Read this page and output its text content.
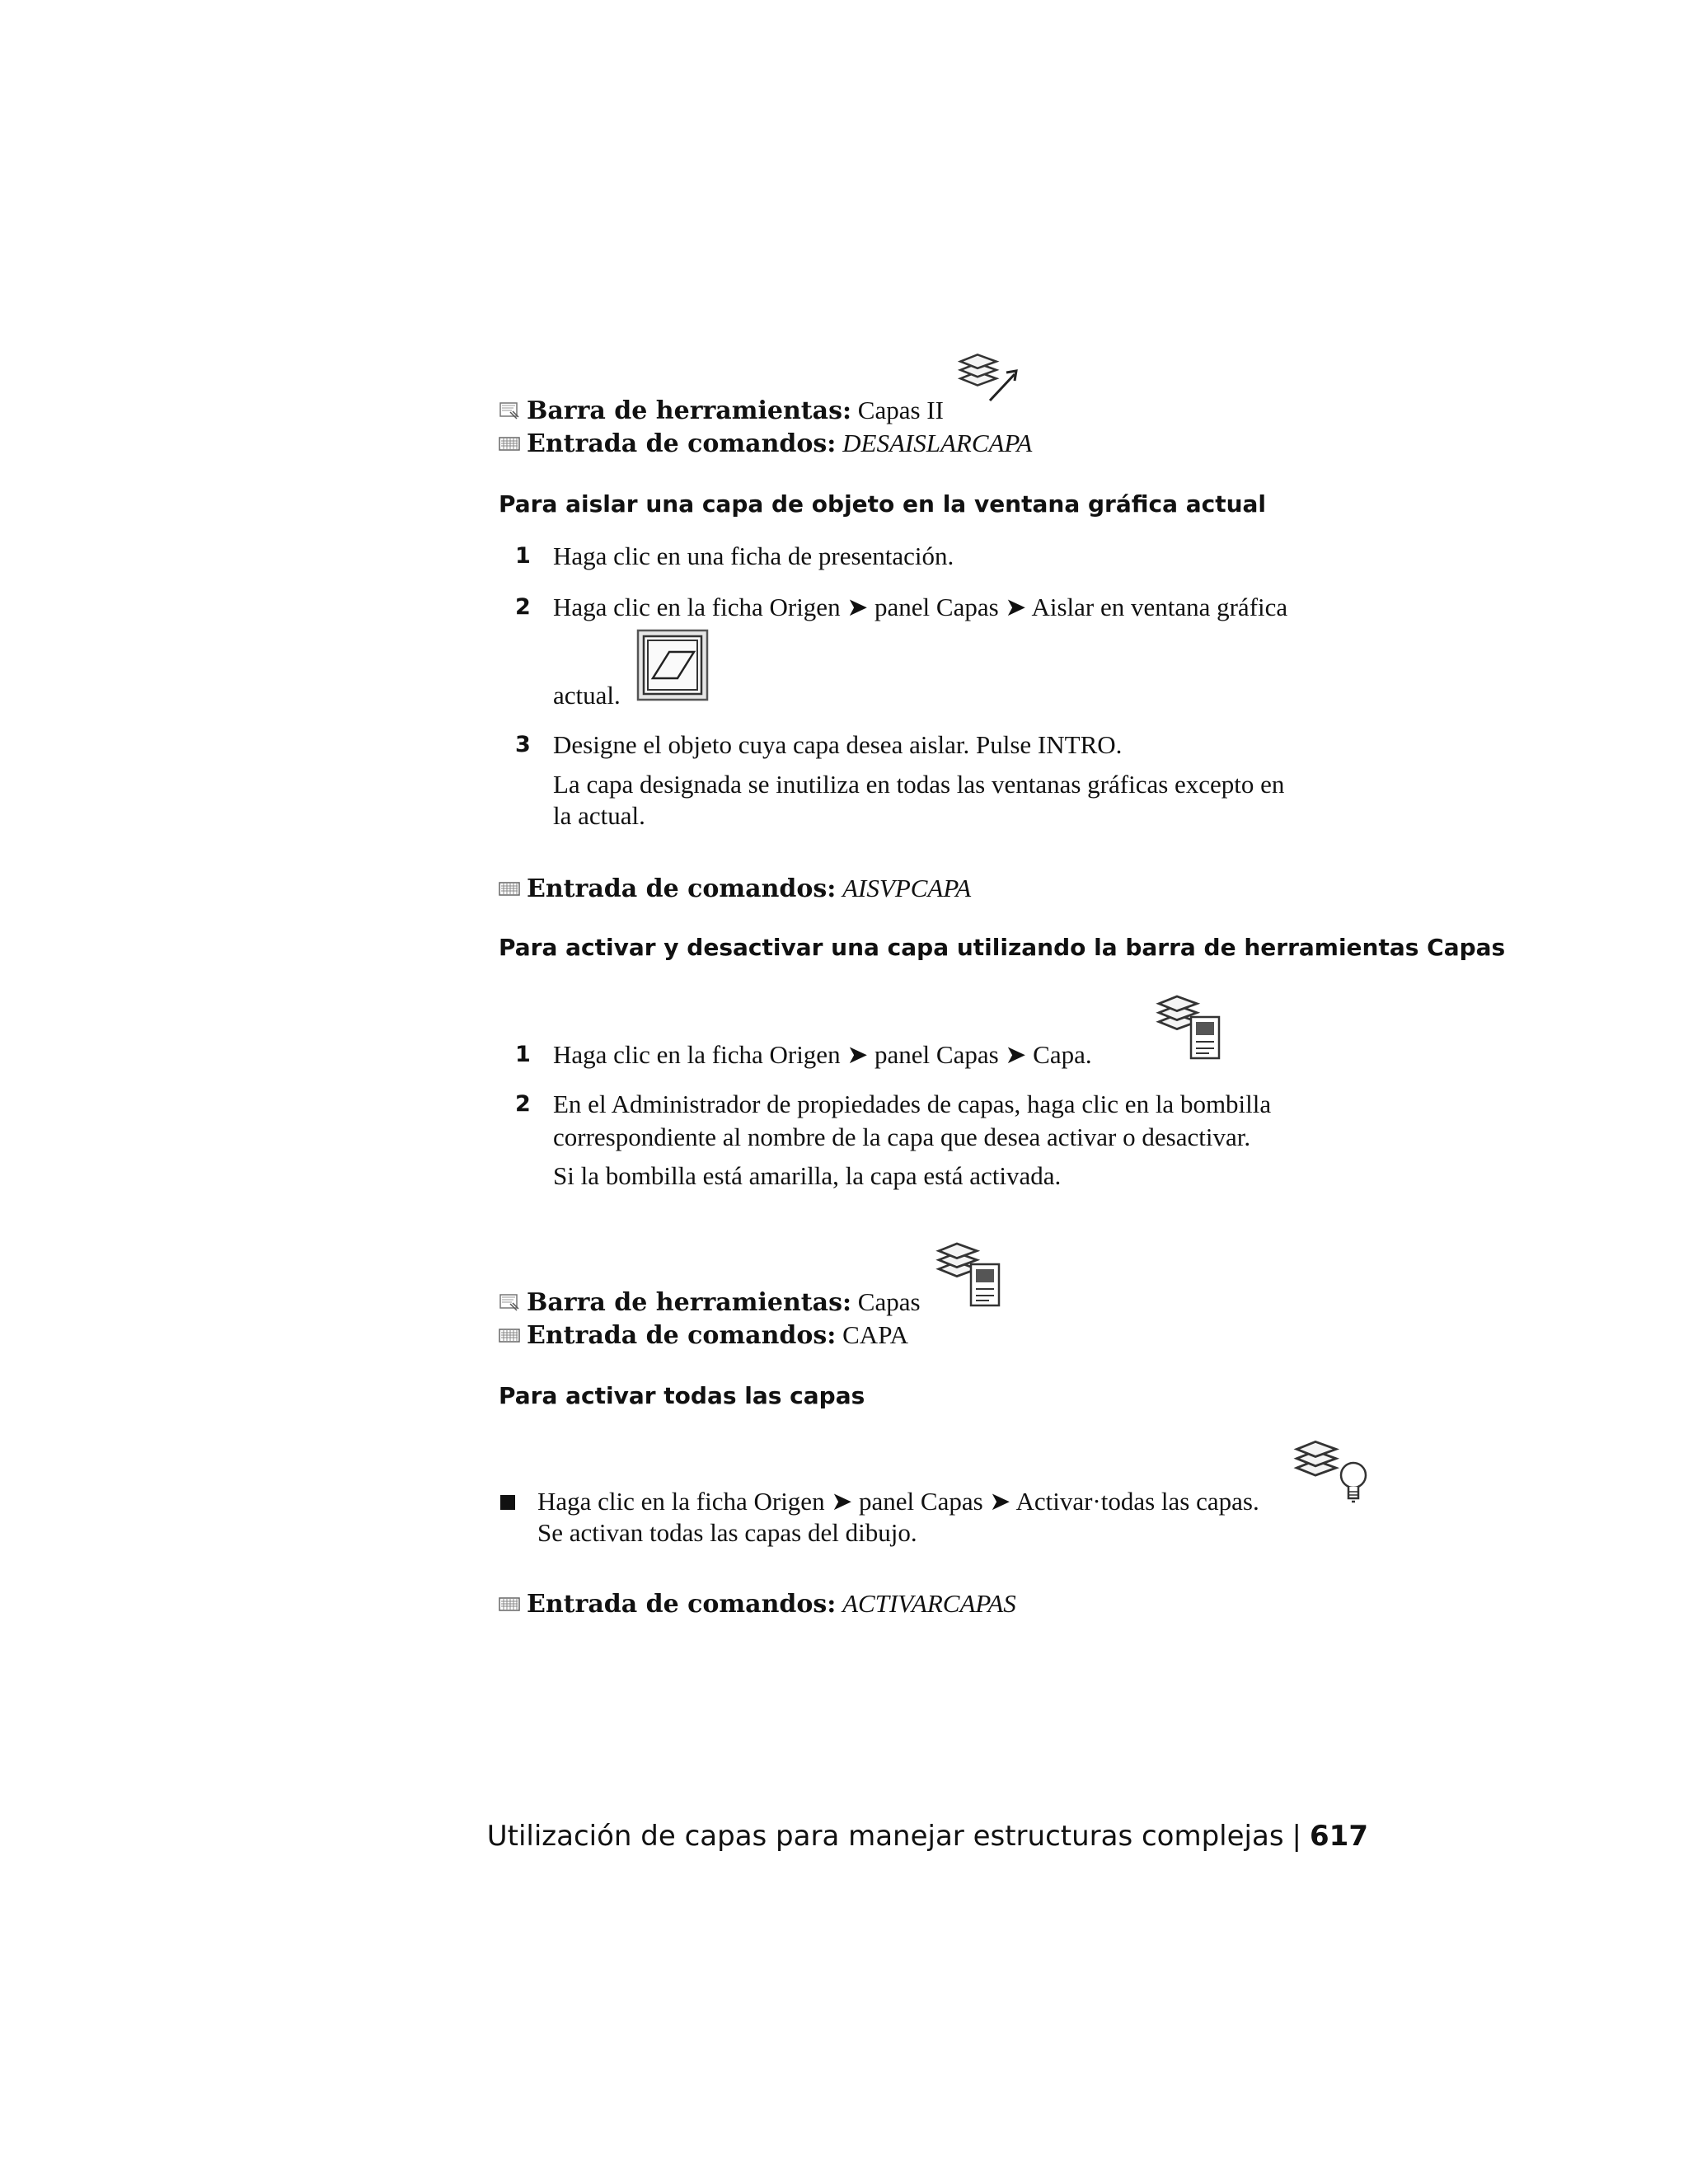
Barra de herramientas: Capas II
Entrada de comandos: DESAISLARCAPA
Para aislar una capa de objeto en la ventana gráfica actual
1 Haga clic en una ficha de presentación.
2 Haga clic en la ficha Origen ➤ panel Capas ➤ Aislar en ventana gráfica
actual.
3 Designe el objeto cuya capa desea aislar. Pulse INTRO.
La capa designada se inutiliza en todas las ventanas gráficas excepto en
la actual.
Entrada de comandos: AISVPCAPA
Para activar y desactivar una capa utilizando la barra de herramientas Capas
1 Haga clic en la ficha Origen ➤ panel Capas ➤ Capa.
2 En el Administrador de propiedades de capas, haga clic en la bombilla
correspondiente al nombre de la capa que desea activar o desactivar.
Si la bombilla está amarilla, la capa está activada.
Barra de herramientas: Capas
Entrada de comandos: CAPA
Para activar todas las capas
Haga clic en la ficha Origen ➤ panel Capas ➤ Activar·todas las capas.
Se activan todas las capas del dibujo.
Entrada de comandos: ACTIVARCAPAS
Utilización de capas para manejar estructuras complejas | 617
